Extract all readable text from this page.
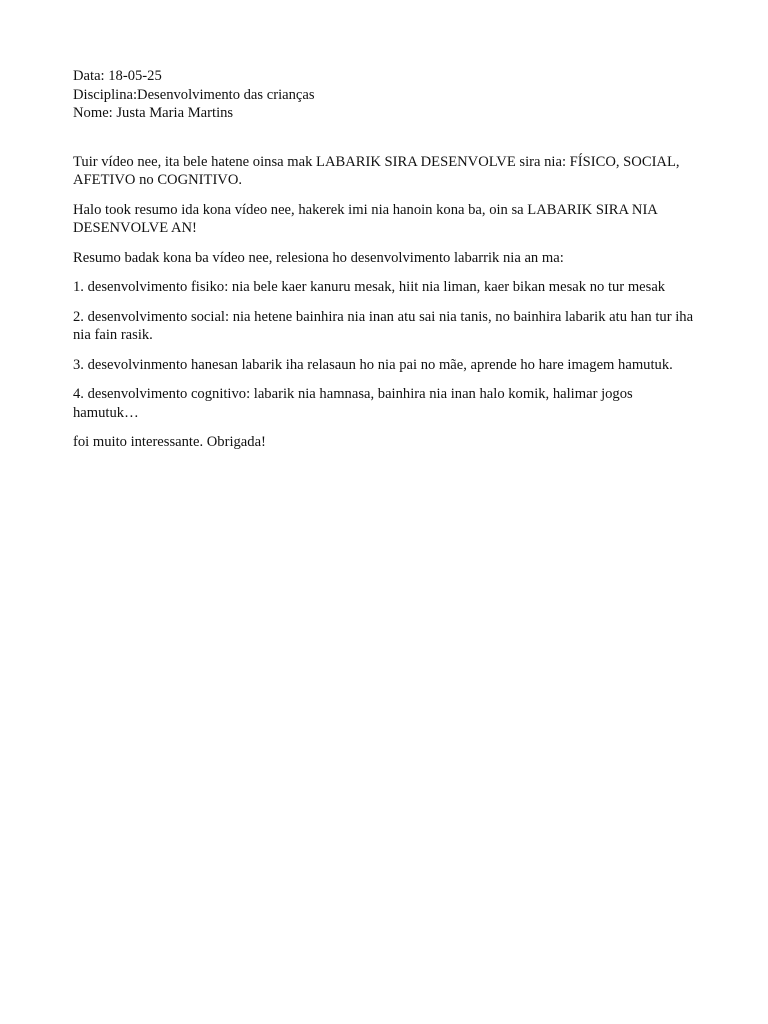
Data: 18-05-25
Disciplina:Desenvolvimento das crianças
Nome: Justa Maria Martins

Tuir vídeo nee, ita bele hatene oinsa mak LABARIK SIRA DESENVOLVE sira nia: FÍSICO, SOCIAL, AFETIVO no COGNITIVO.

Halo took resumo ida kona vídeo nee, hakerek imi nia hanoin kona ba, oin sa LABARIK SIRA NIA DESENVOLVE AN!

Resumo badak kona ba vídeo nee, relesiona ho desenvolvimento labarrik nia an ma:

1. desenvolvimento fisiko: nia bele kaer kanuru mesak, hiit nia liman, kaer bikan mesak no tur mesak

2. desenvolvimento social: nia hetene bainhira nia inan atu sai nia tanis, no bainhira labarik atu han tur iha nia fain rasik.

3. desevolvinmento hanesan labarik iha relasaun ho nia pai no mãe, aprende ho hare imagem hamutuk.

4. desenvolvimento cognitivo: labarik nia hamnasa, bainhira nia inan halo komik, halimar jogos hamutuk…

foi muito interessante. Obrigada!
